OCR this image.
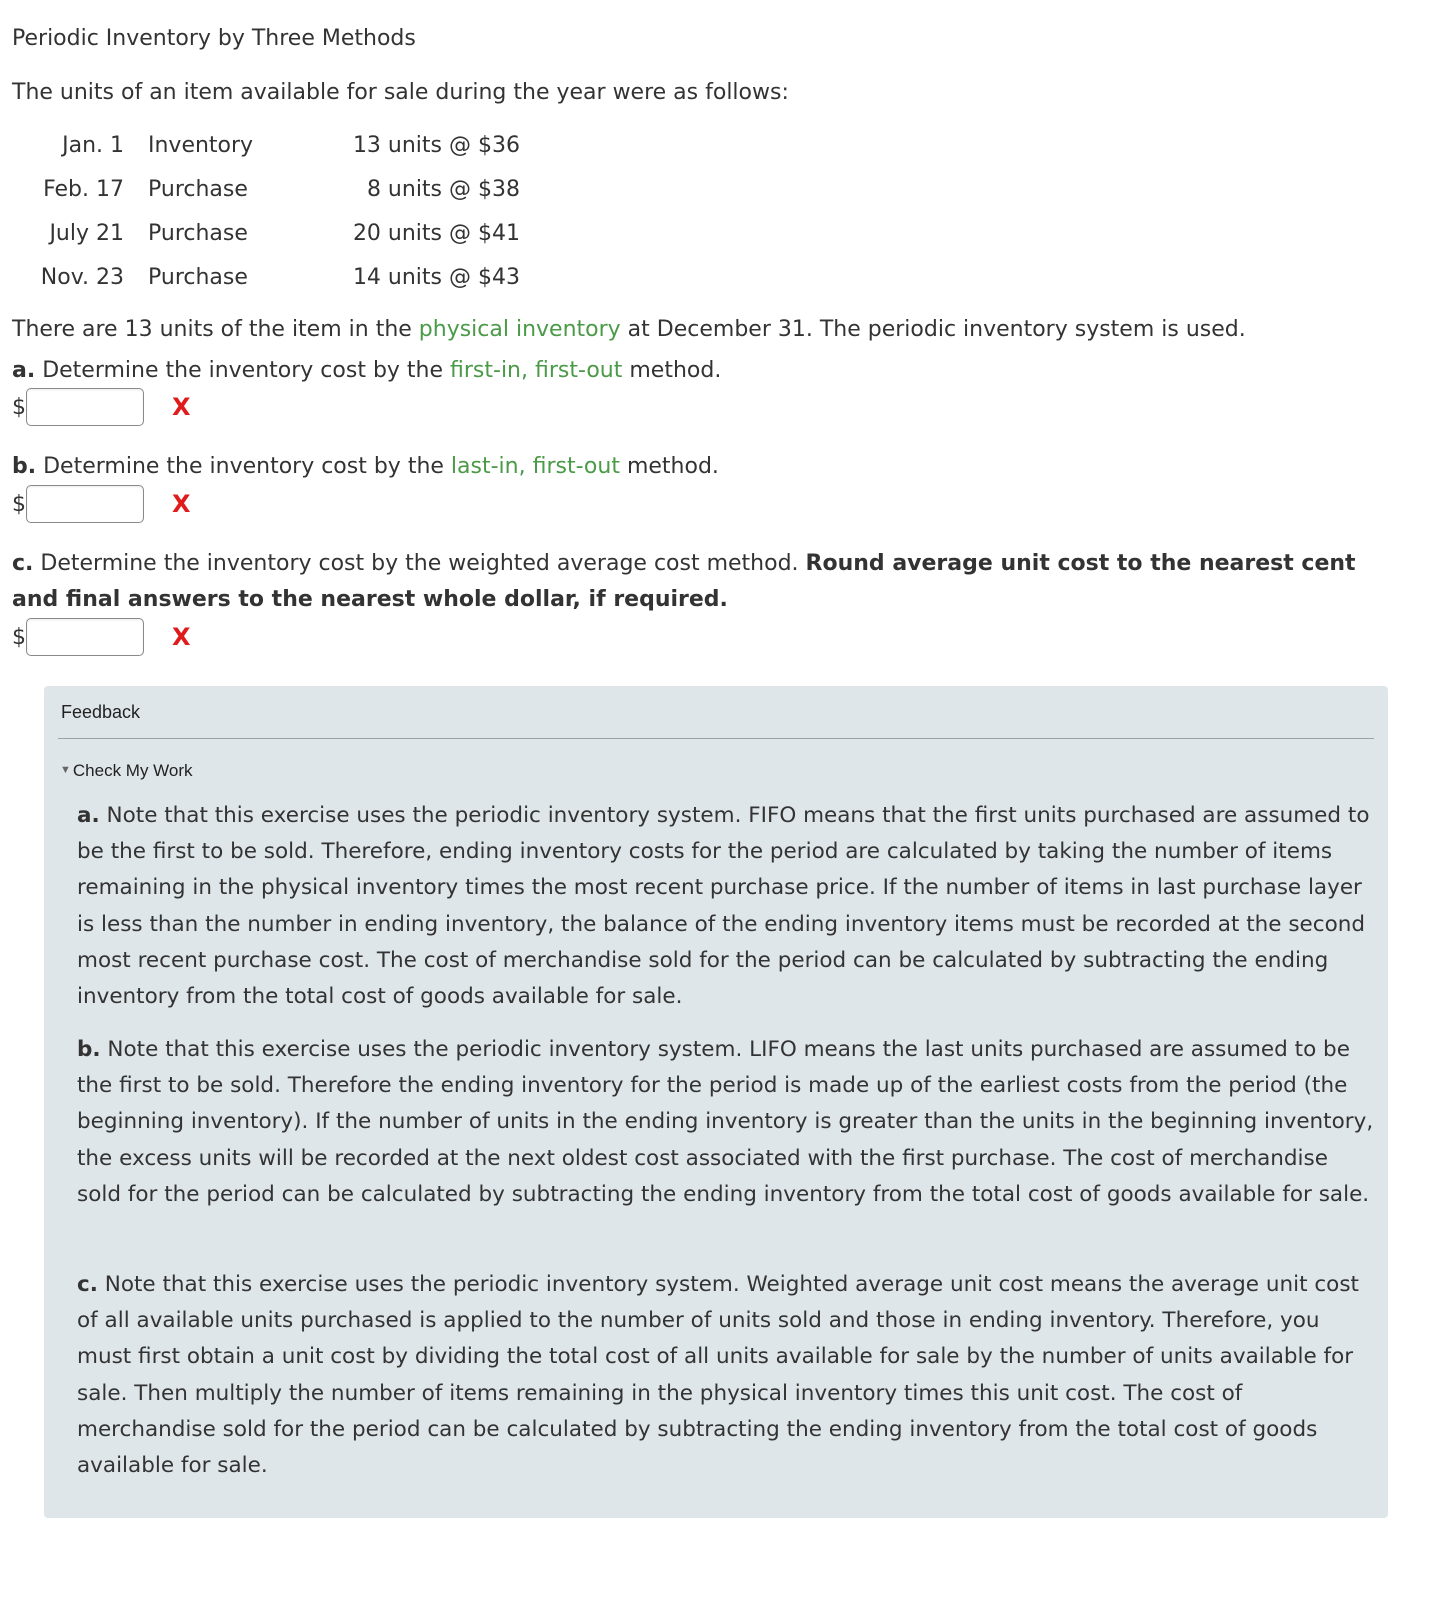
Periodic Inventory by Three Methods
The units of an item available for sale during the year were as follows:
Jan. 1 Inventory	13 units @ $36
Feb. 17 Purchase	8 units @ $38
July 21 Purchase	20 units @ $41
Nov. 23 Purchase	14 units @ $43
There are 13 units of the item in the physical inventory at December 31. The periodic inventory system is used.
a. Determine the inventory cost by the first-in, first-out method.
$	X
b. Determine the inventory cost by the last-in, first-out method.
$	X
c. Determine the inventory cost by the weighted average cost method. Round average unit cost to the nearest cent and final answers to the nearest whole dollar, if required.
$	X
Feedback
▼ Check My Work
a. Note that this exercise uses the periodic inventory system. FIFO means that the first units purchased are assumed to be the first to be sold. Therefore, ending inventory costs for the period are calculated by taking the number of items remaining in the physical inventory times the most recent purchase price. If the number of items in last purchase layer is less than the number in ending inventory, the balance of the ending inventory items must be recorded at the second most recent purchase cost. The cost of merchandise sold for the period can be calculated by subtracting the ending inventory from the total cost of goods available for sale.
b. Note that this exercise uses the periodic inventory system. LIFO means the last units purchased are assumed to be the first to be sold. Therefore the ending inventory for the period is made up of the earliest costs from the period (the beginning inventory). If the number of units in the ending inventory is greater than the units in the beginning inventory, the excess units will be recorded at the next oldest cost associated with the first purchase. The cost of merchandise sold for the period can be calculated by subtracting the ending inventory from the total cost of goods available for sale.
c. Note that this exercise uses the periodic inventory system. Weighted average unit cost means the average unit cost of all available units purchased is applied to the number of units sold and those in ending inventory. Therefore, you must first obtain a unit cost by dividing the total cost of all units available for sale by the number of units available for sale. Then multiply the number of items remaining in the physical inventory times this unit cost. The cost of merchandise sold for the period can be calculated by subtracting the ending inventory from the total cost of goods available for sale.
